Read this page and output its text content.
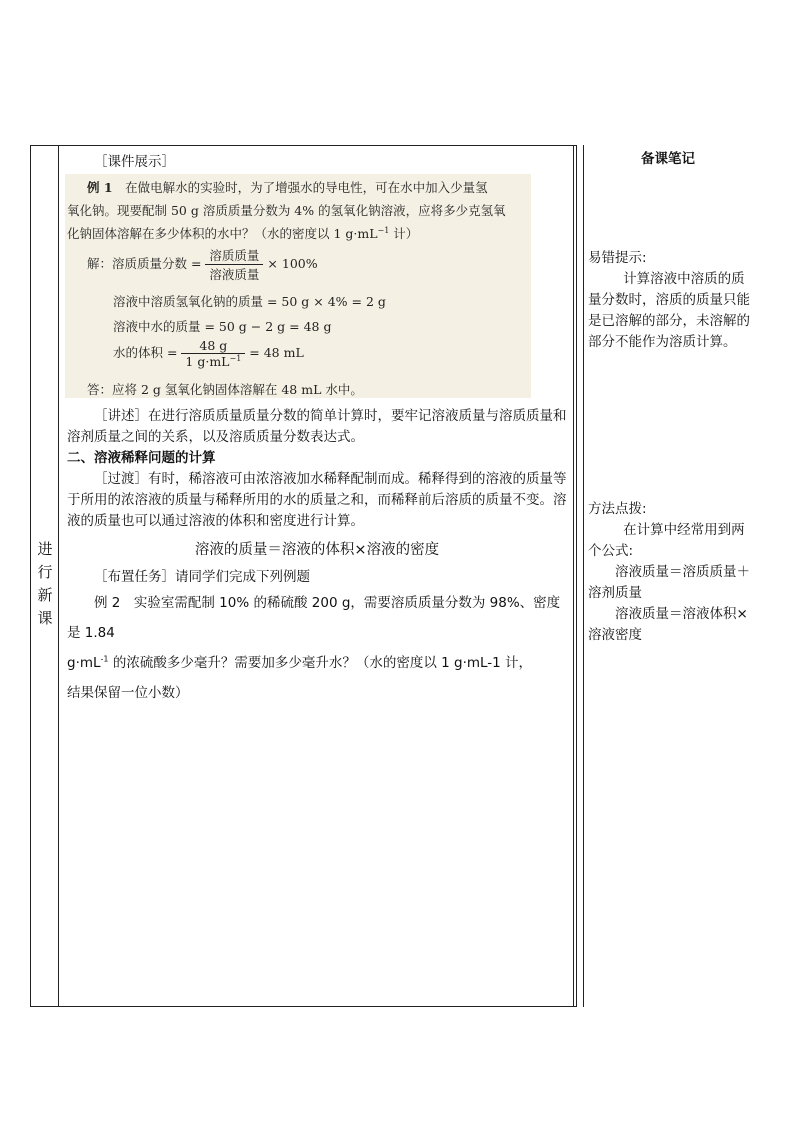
进
行
新
课

［课件展示］

例 1　 在做电解水的实验时，为了增强水的导电性，可在水中加入少量氢
氧化钠。现要配制 50 g 溶质质量分数为 4% 的氢氧化钠溶液，应将多少克氢氧
化钠固体溶解在多少体积的水中？（水的密度以 1 $g\cdot mL^{-1}$ 计）
解：溶质质量分数 = $\frac{\text{溶质质量}}{\text{溶液质量}} \times 100\%$
溶液中溶质氢氧化钠的质量 = 50 g × 4% = 2 g
溶液中水的质量 = 50 g − 2 g = 48 g
水的体积 = $\frac{48 g}{1 g\cdot mL^{-1}} = 48$ mL
答：应将 2 g 氢氧化钠固体溶解在 48 mL 水中。

［讲述］在进行溶质质量质量分数的简单计算时，要牢记溶液质量与溶质质量和溶剂质量之间的关系，以及溶质质量分数表达式。

二、溶液稀释问题的计算

［过渡］有时，稀溶液可由浓溶液加水稀释配制而成。稀释得到的溶液的质量等于所用的浓溶液的质量与稀释所用的水的质量之和，而稀释前后溶质的质量不变。溶液的质量也可以通过溶液的体积和密度进行计算。

溶液的质量＝溶液的体积×溶液的密度

［布置任务］请同学们完成下列例题

例 2　实验室需配制 10% 的稀硫酸 200 g，需要溶质质量分数为 98%、密度是 1.84

$g\cdot mL^{-1}$ 的浓硫酸多少毫升？需要加多少毫升水？（水的密度以 1 g·mL-1 计，

结果保留一位小数）

备课笔记
易错提示:
计算溶液中溶质的质量分数时，溶质的质量只能是已溶解的部分，未溶解的部分不能作为溶质计算。
方法点拨:
在计算中经常用到两个公式:
溶液质量＝溶质质量＋溶剂质量
溶液质量＝溶液体积×溶液密度
